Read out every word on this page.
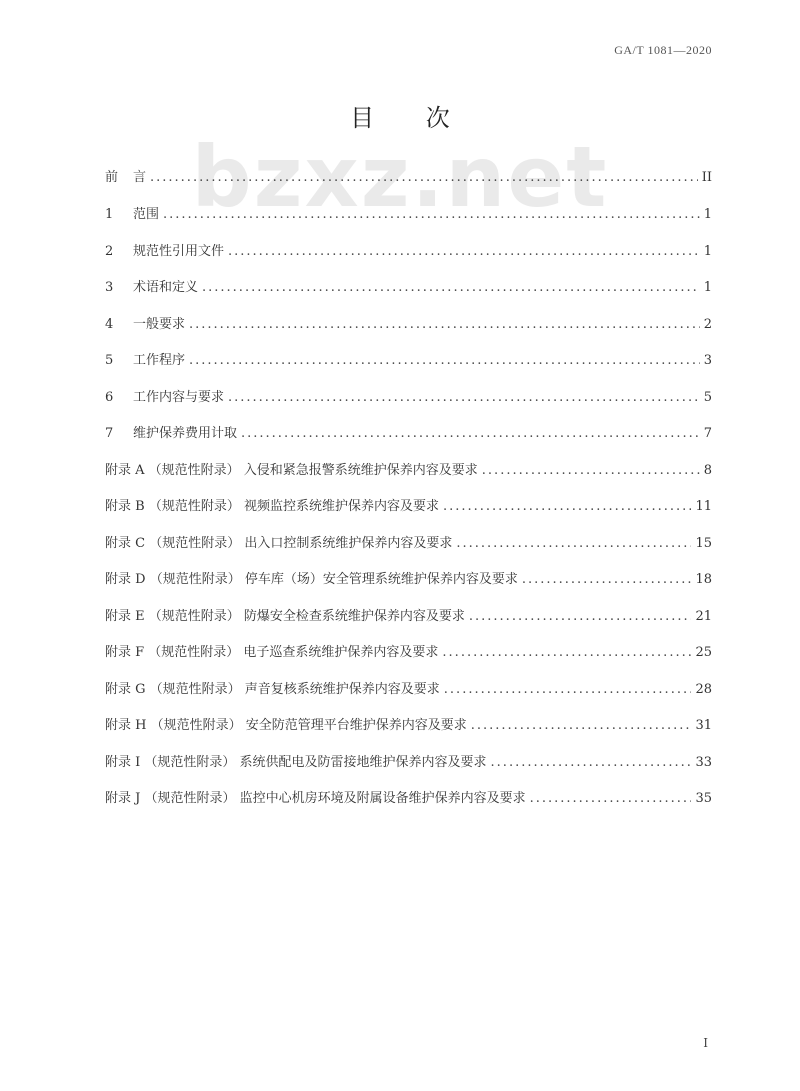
GA/T 1081—2020
bzxz.net
目 次
前	言 .....	II
1	范围 .....	1
2	规范性引用文件 .....	1
3	术语和定义 .....	1
4	一般要求 .....	2
5	工作程序 .....	3
6	工作内容与要求 .....	5
7	维护保养费用计取 .....	7
附录 A （规范性附录） 入侵和紧急报警系统维护保养内容及要求 .....	8
附录 B （规范性附录） 视频监控系统维护保养内容及要求 .....	11
附录 C （规范性附录） 出入口控制系统维护保养内容及要求 .....	15
附录 D （规范性附录） 停车库（场）安全管理系统维护保养内容及要求 .....	18
附录 E （规范性附录） 防爆安全检查系统维护保养内容及要求 .....	21
附录 F （规范性附录） 电子巡查系统维护保养内容及要求 .....	25
附录 G （规范性附录） 声音复核系统维护保养内容及要求 .....	28
附录 H （规范性附录） 安全防范管理平台维护保养内容及要求 .....	31
附录 I （规范性附录） 系统供配电及防雷接地维护保养内容及要求 .....	33
附录 J （规范性附录） 监控中心机房环境及附属设备维护保养内容及要求 .....	35
I
